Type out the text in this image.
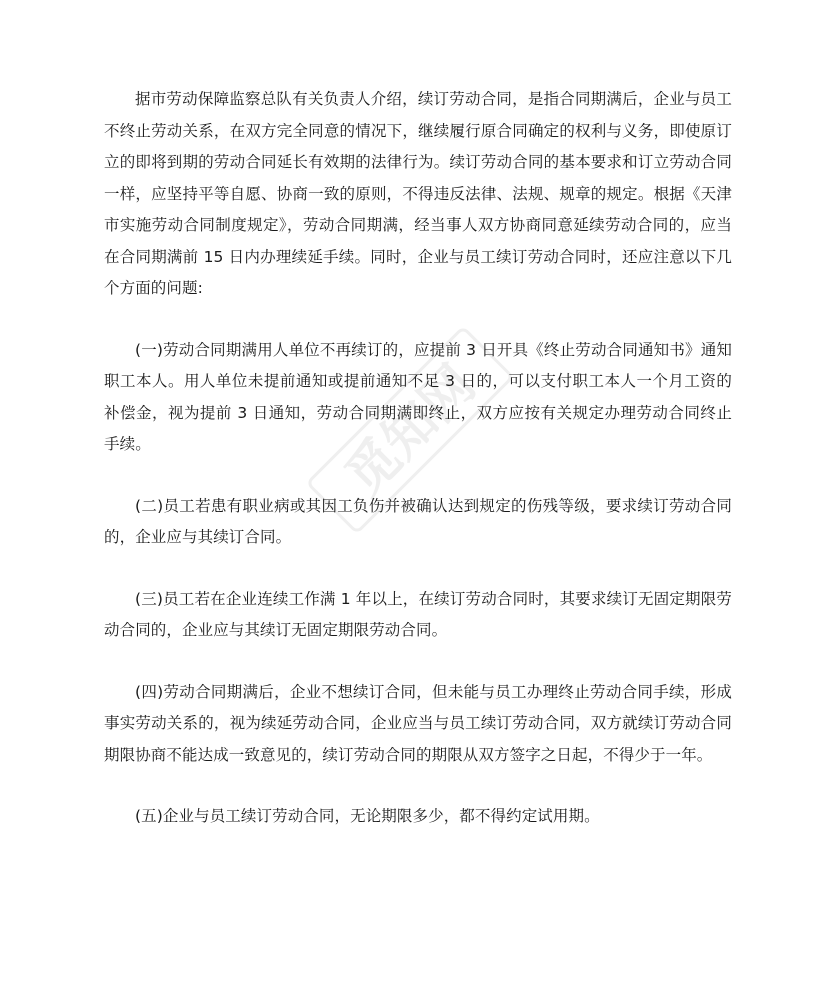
觅知网

据市劳动保障监察总队有关负责人介绍，续订劳动合同，是指合同期满后，企业与员工不终止劳动关系，在双方完全同意的情况下，继续履行原合同确定的权利与义务，即使原订立的即将到期的劳动合同延长有效期的法律行为。续订劳动合同的基本要求和订立劳动合同一样，应坚持平等自愿、协商一致的原则，不得违反法律、法规、规章的规定。根据《天津市实施劳动合同制度规定》，劳动合同期满，经当事人双方协商同意延续劳动合同的，应当在合同期满前 15 日内办理续延手续。同时，企业与员工续订劳动合同时，还应注意以下几个方面的问题:

(一)劳动合同期满用人单位不再续订的，应提前 3 日开具《终止劳动合同通知书》通知职工本人。用人单位未提前通知或提前通知不足 3 日的，可以支付职工本人一个月工资的补偿金，视为提前 3 日通知，劳动合同期满即终止，双方应按有关规定办理劳动合同终止手续。

(二)员工若患有职业病或其因工负伤并被确认达到规定的伤残等级，要求续订劳动合同的，企业应与其续订合同。

(三)员工若在企业连续工作满 1 年以上，在续订劳动合同时，其要求续订无固定期限劳动合同的，企业应与其续订无固定期限劳动合同。

(四)劳动合同期满后，企业不想续订合同，但未能与员工办理终止劳动合同手续，形成事实劳动关系的，视为续延劳动合同，企业应当与员工续订劳动合同，双方就续订劳动合同期限协商不能达成一致意见的，续订劳动合同的期限从双方签字之日起，不得少于一年。

(五)企业与员工续订劳动合同，无论期限多少，都不得约定试用期。
